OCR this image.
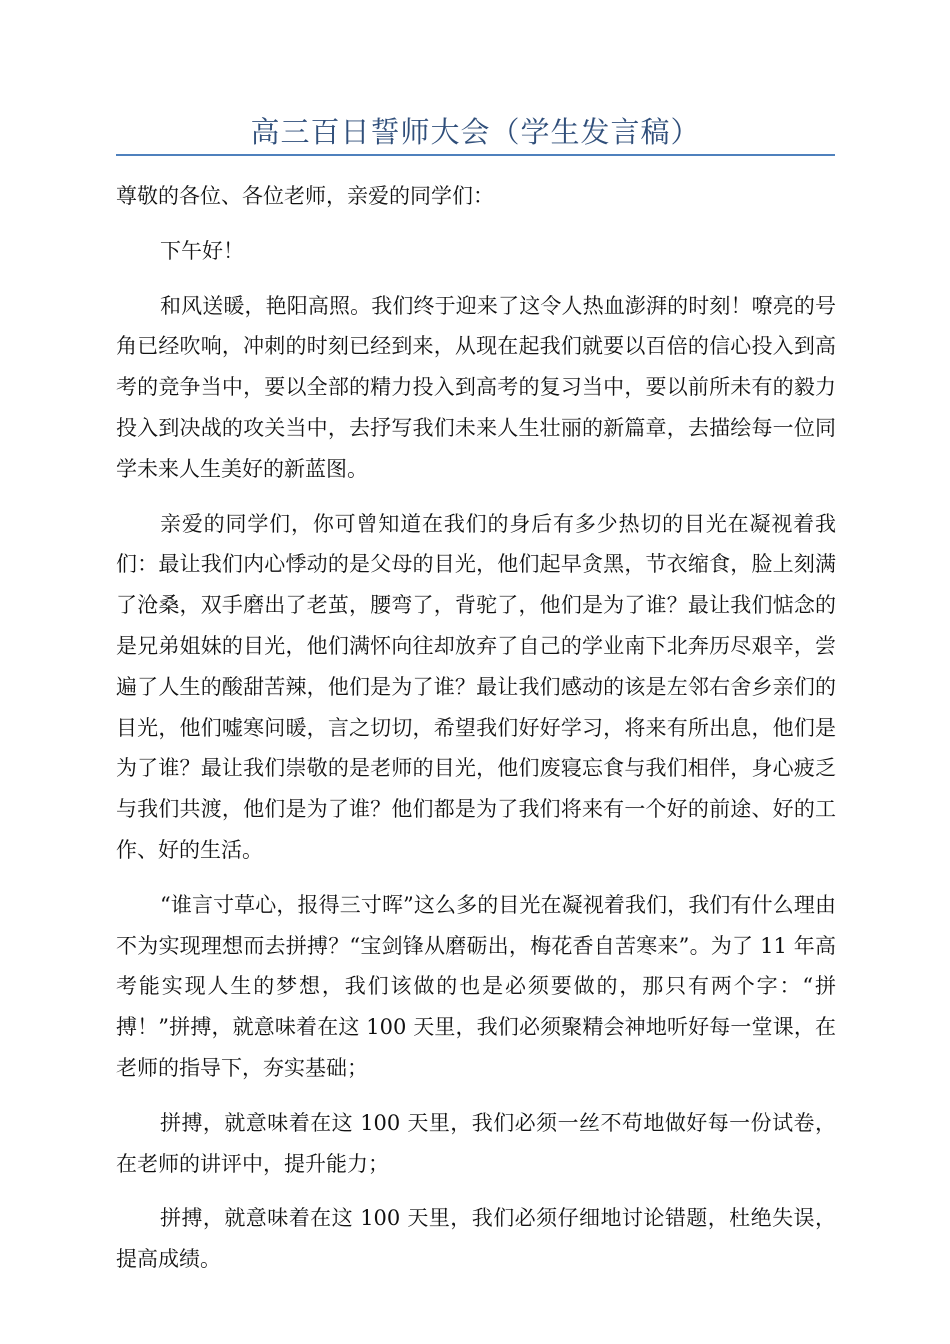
高三百日誓师大会（学生发言稿）

尊敬的各位、各位老师，亲爱的同学们：

下午好！

和风送暖，艳阳高照。我们终于迎来了这令人热血澎湃的时刻！嘹亮的号角已经吹响，冲刺的时刻已经到来，从现在起我们就要以百倍的信心投入到高考的竞争当中，要以全部的精力投入到高考的复习当中，要以前所未有的毅力投入到决战的攻关当中，去抒写我们未来人生壮丽的新篇章，去描绘每一位同学未来人生美好的新蓝图。

亲爱的同学们，你可曾知道在我们的身后有多少热切的目光在凝视着我们：最让我们内心悸动的是父母的目光，他们起早贪黑，节衣缩食，脸上刻满了沧桑，双手磨出了老茧，腰弯了，背驼了，他们是为了谁？最让我们惦念的是兄弟姐妹的目光，他们满怀向往却放弃了自己的学业南下北奔历尽艰辛，尝遍了人生的酸甜苦辣，他们是为了谁？最让我们感动的该是左邻右舍乡亲们的目光，他们嘘寒问暖，言之切切，希望我们好好学习，将来有所出息，他们是为了谁？最让我们崇敬的是老师的目光，他们废寝忘食与我们相伴，身心疲乏与我们共渡，他们是为了谁？他们都是为了我们将来有一个好的前途、好的工作、好的生活。

“谁言寸草心，报得三寸晖”这么多的目光在凝视着我们，我们有什么理由不为实现理想而去拼搏？“宝剑锋从磨砺出，梅花香自苦寒来”。为了 11 年高考能实现人生的梦想，我们该做的也是必须要做的，那只有两个字：“拼搏！”拼搏，就意味着在这 100 天里，我们必须聚精会神地听好每一堂课，在老师的指导下，夯实基础；

拼搏，就意味着在这 100 天里，我们必须一丝不苟地做好每一份试卷，在老师的讲评中，提升能力；

拼搏，就意味着在这 100 天里，我们必须仔细地讨论错题，杜绝失误，提高成绩。
